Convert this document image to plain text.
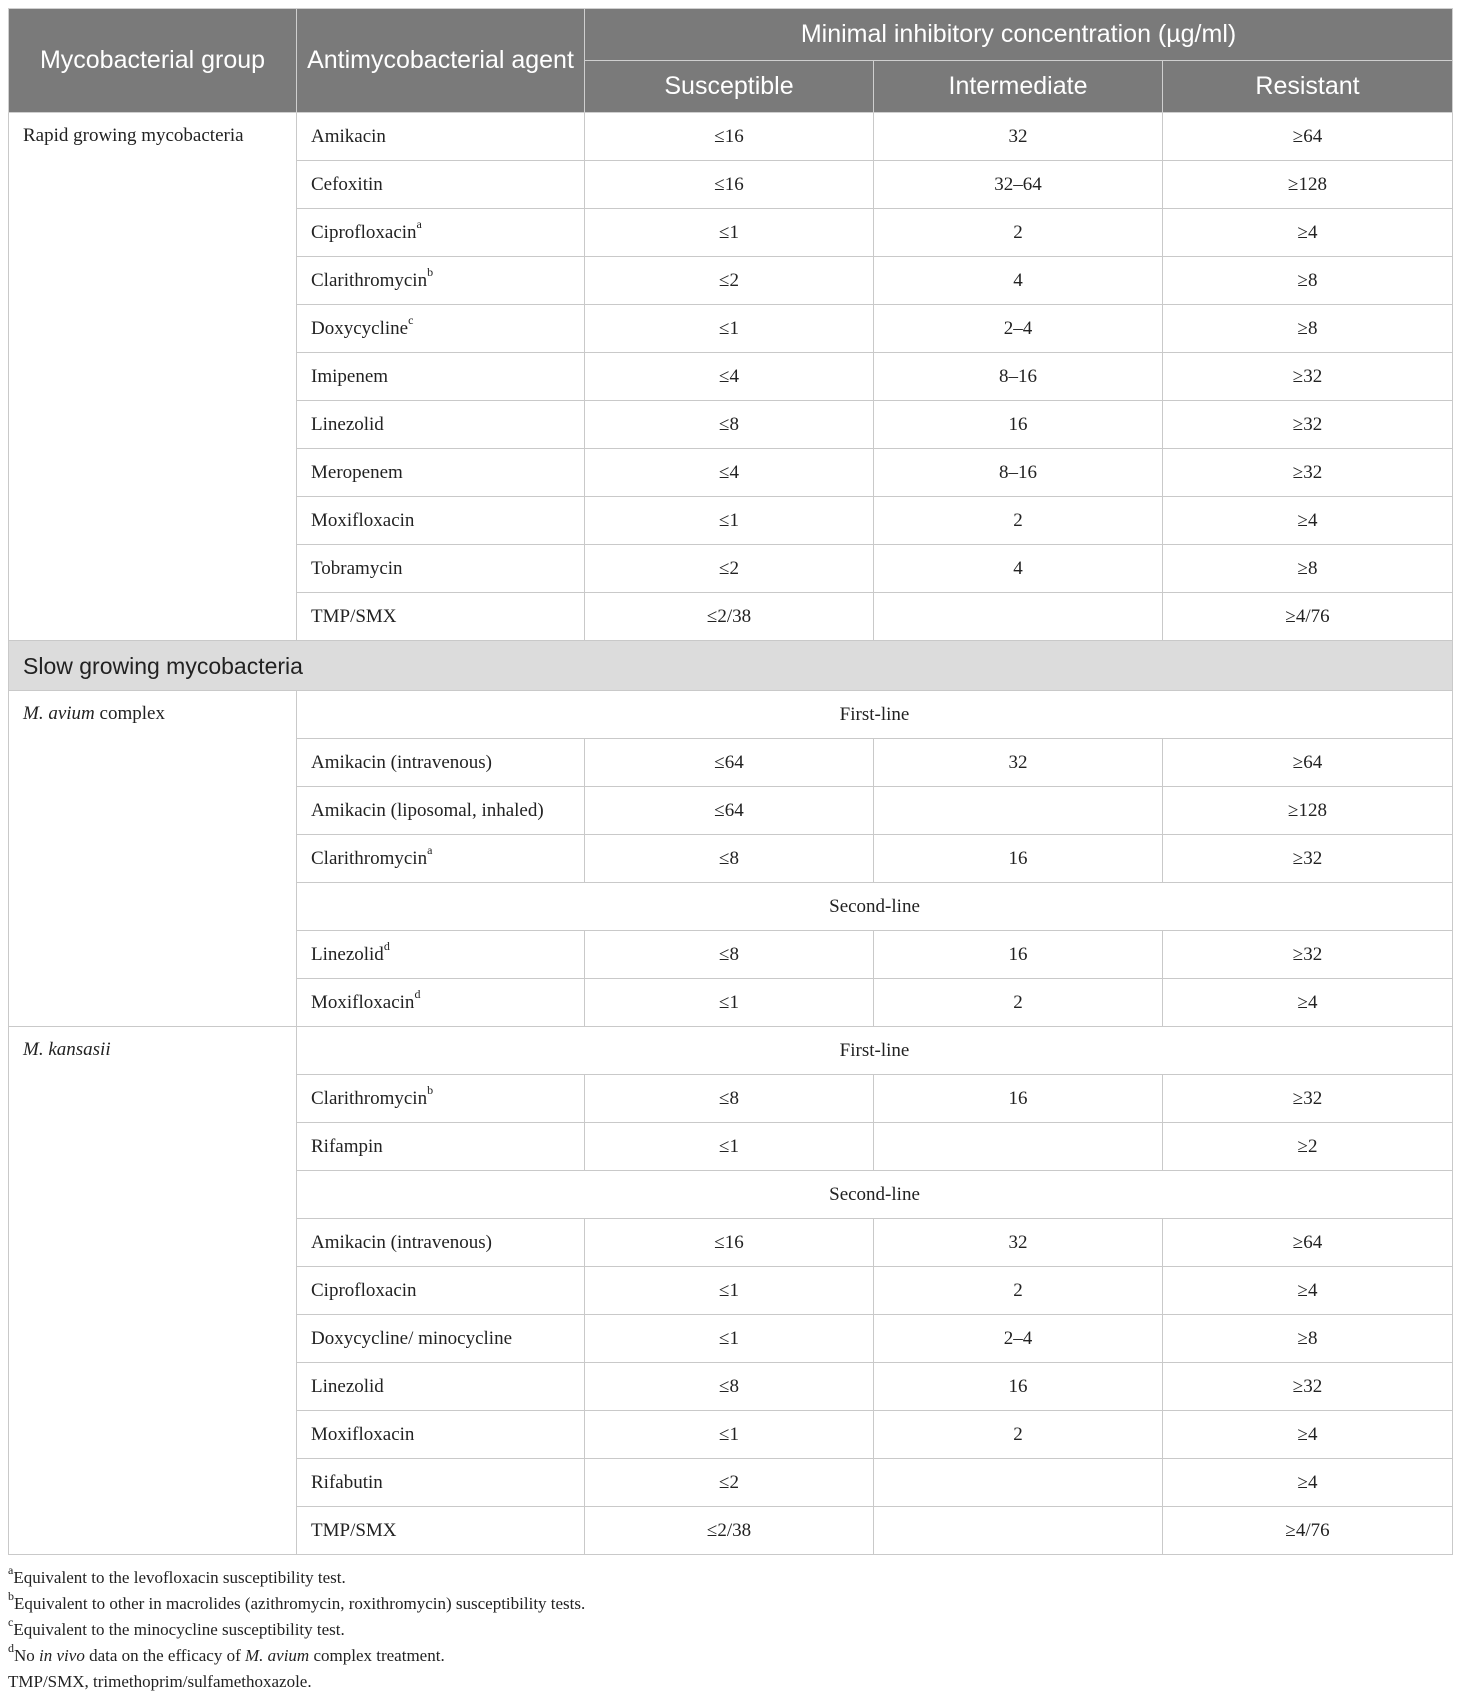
Mycobacterial group	Antimycobacterial agent	Minimal inhibitory concentration (µg/ml)		
		Susceptible	Intermediate	Resistant
Rapid growing mycobacteria	Amikacin	≤16	32	≥64
	Cefoxitin	≤16	32–64	≥128
	Ciprofloxacin$^a$	≤1	2	≥4
	Clarithromycin$^b$	≤2	4	≥8
	Doxycycline$^c$	≤1	2–4	≥8
	Imipenem	≤4	8–16	≥32
	Linezolid	≤8	16	≥32
	Meropenem	≤4	8–16	≥32
	Moxifloxacin	≤1	2	≥4
	Tobramycin	≤2	4	≥8
	TMP/SMX	≤2/38		≥4/76
Slow growing mycobacteria				
M. avium complex	First-line			
	Amikacin (intravenous)	≤64	32	≥64
	Amikacin (liposomal, inhaled)	≤64		≥128
	Clarithromycin$^a$	≤8	16	≥32
	Second-line			
	Linezolid$^d$	≤8	16	≥32
	Moxifloxacin$^d$	≤1	2	≥4
M. kansasii	First-line			
	Clarithromycin$^b$	≤8	16	≥32
	Rifampin	≤1		≥2
	Second-line			
	Amikacin (intravenous)	≤16	32	≥64
	Ciprofloxacin	≤1	2	≥4
	Doxycycline/ minocycline	≤1	2–4	≥8
	Linezolid	≤8	16	≥32
	Moxifloxacin	≤1	2	≥4
	Rifabutin	≤2		≥4
	TMP/SMX	≤2/38		≥4/76

$^a$Equivalent to the levofloxacin susceptibility test.

$^b$Equivalent to other in macrolides (azithromycin, roxithromycin) susceptibility tests.

$^c$Equivalent to the minocycline susceptibility test.

$^d$No in vivo data on the efficacy of M. avium complex treatment.

TMP/SMX, trimethoprim/sulfamethoxazole.
